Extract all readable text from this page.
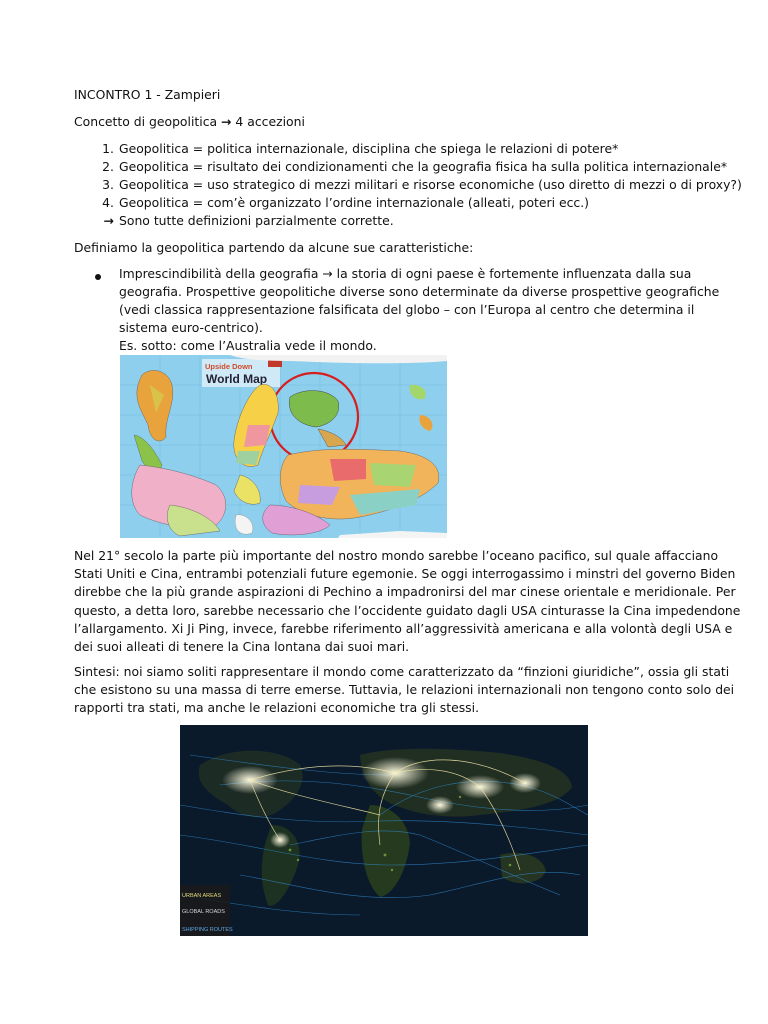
INCONTRO 1 - Zampieri
Concetto di geopolitica → 4 accezioni
1. Geopolitica = politica internazionale, disciplina che spiega le relazioni di potere*
2. Geopolitica = risultato dei condizionamenti che la geografia fisica ha sulla politica internazionale*
3. Geopolitica = uso strategico di mezzi militari e risorse economiche (uso diretto di mezzi o di proxy?)
4. Geopolitica = com’è organizzato l’ordine internazionale (alleati, poteri ecc.)
→ Sono tutte definizioni parzialmente corrette.
Definiamo la geopolitica partendo da alcune sue caratteristiche:
Imprescindibilità della geografia → la storia di ogni paese è fortemente influenzata dalla sua
geografia. Prospettive geopolitiche diverse sono determinate da diverse prospettive geografiche
(vedi classica rappresentazione falsificata del globo – con l’Europa al centro che determina il
sistema euro-centrico).
Es. sotto: come l’Australia vede il mondo.
Nel 21° secolo la parte più importante del nostro mondo sarebbe l’oceano pacifico, sul quale affacciano
Stati Uniti e Cina, entrambi potenziali future egemonie. Se oggi interrogassimo i minstri del governo Biden
direbbe che la più grande aspirazioni di Pechino a impadronirsi del mar cinese orientale e meridionale. Per
questo, a detta loro, sarebbe necessario che l’occidente guidato dagli USA cinturasse la Cina impedendone
l’allargamento. Xi Ji Ping, invece, farebbe riferimento all’aggressività americana e alla volontà degli USA e
dei suoi alleati di tenere la Cina lontana dai suoi mari.
Sintesi: noi siamo soliti rappresentare il mondo come caratterizzato da “finzioni giuridiche”, ossia gli stati
che esistono su una massa di terre emerse. Tuttavia, le relazioni internazionali non tengono conto solo dei
rapporti tra stati, ma anche le relazioni economiche tra gli stessi.
Upside Down
World Map
URBAN AREAS
GLOBAL ROADS
SHIPPING ROUTES
